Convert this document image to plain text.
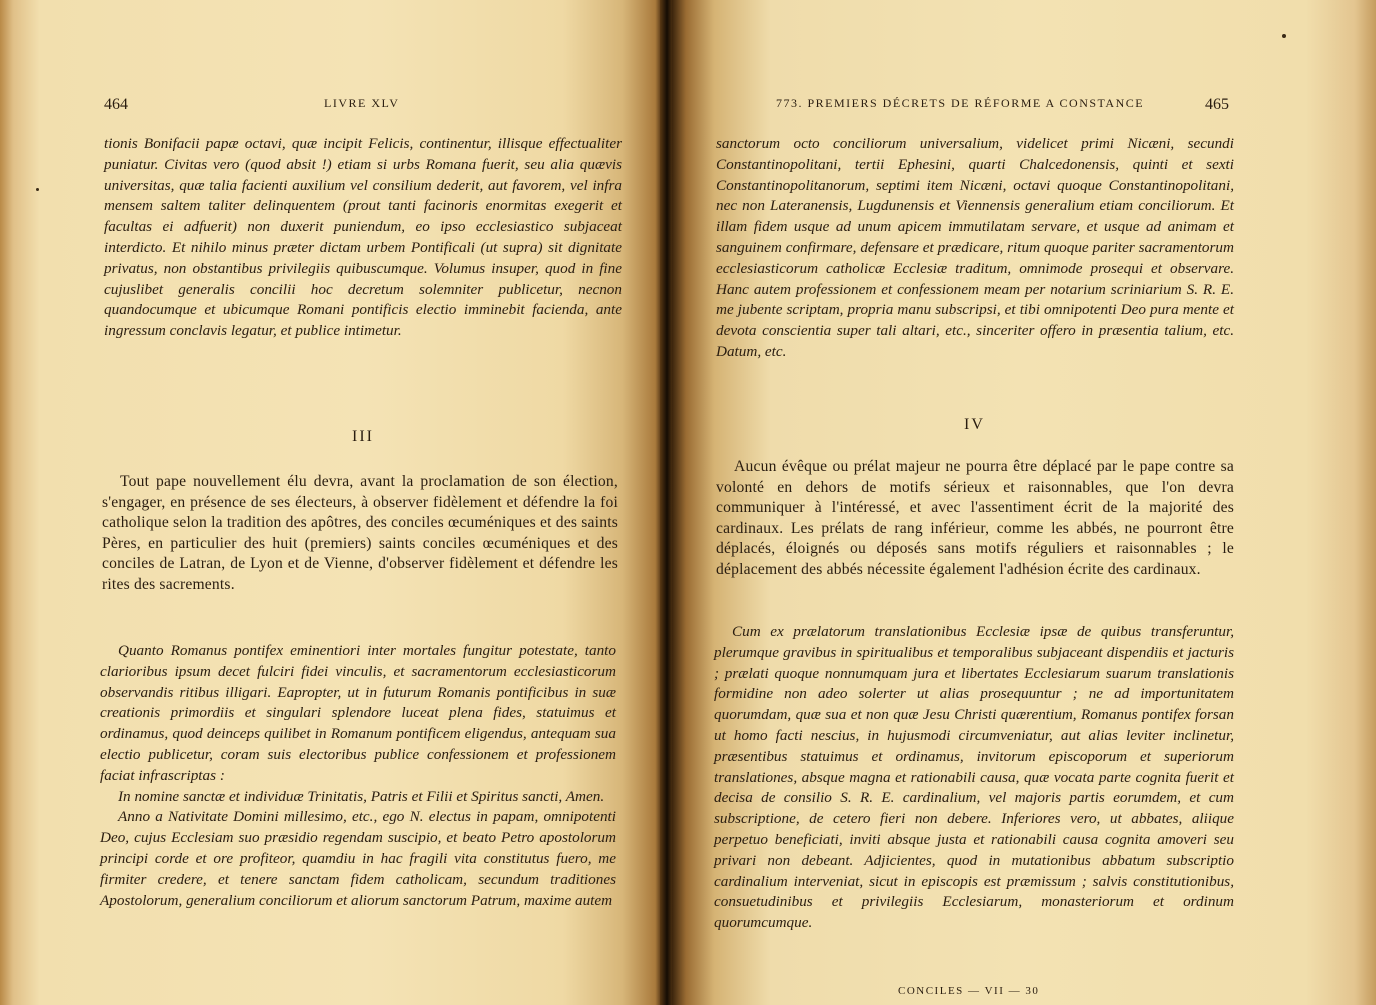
464	LIVRE XLV

tionis Bonifacii papæ octavi, quæ incipit Felicis, continentur, illisque effectualiter puniatur. Civitas vero (quod absit !) etiam si urbs Romana fuerit, seu alia quævis universitas, quæ talia facienti auxilium vel consilium dederit, aut favorem, vel infra mensem saltem taliter delinquentem (prout tanti facinoris enormitas exegerit et facultas ei adfuerit) non duxerit puniendum, eo ipso ecclesiastico subjaceat interdicto. Et nihilo minus præter dictam urbem Pontificali (ut supra) sit dignitate privatus, non obstantibus privilegiis quibuscumque. Volumus insuper, quod in fine cujuslibet generalis concilii hoc decretum solemniter publicetur, necnon quandocumque et ubicumque Romani pontificis electio imminebit facienda, ante ingressum conclavis legatur, et publice intimetur.

III

Tout pape nouvellement élu devra, avant la proclamation de son élection, s'engager, en présence de ses électeurs, à observer fidèlement et défendre la foi catholique selon la tradition des apôtres, des conciles œcuméniques et des saints Pères, en particulier des huit (premiers) saints conciles œcuméniques et des conciles de Latran, de Lyon et de Vienne, d'observer fidèlement et défendre les rites des sacrements.

Quanto Romanus pontifex eminentiori inter mortales fungitur potestate, tanto clarioribus ipsum decet fulciri fidei vinculis, et sacramentorum ecclesiasticorum observandis ritibus illigari. Eapropter, ut in futurum Romanis pontificibus in suæ creationis primordiis et singulari splendore luceat plena fides, statuimus et ordinamus, quod deinceps quilibet in Romanum pontificem eligendus, antequam sua electio publicetur, coram suis electoribus publice confessionem et professionem faciat infrascriptas :

In nomine sanctæ et individuæ Trinitatis, Patris et Filii et Spiritus sancti, Amen.

Anno a Nativitate Domini millesimo, etc., ego N. electus in papam, omnipotenti Deo, cujus Ecclesiam suo præsidio regendam suscipio, et beato Petro apostolorum principi corde et ore profiteor, quamdiu in hac fragili vita constitutus fuero, me firmiter credere, et tenere sanctam fidem catholicam, secundum traditiones Apostolorum, generalium conciliorum et aliorum sanctorum Patrum, maxime autem

773. PREMIERS DÉCRETS DE RÉFORME A CONSTANCE	465

sanctorum octo conciliorum universalium, videlicet primi Nicæni, secundi Constantinopolitani, tertii Ephesini, quarti Chalcedonensis, quinti et sexti Constantinopolitanorum, septimi item Nicæni, octavi quoque Constantinopolitani, nec non Lateranensis, Lugdunensis et Viennensis generalium etiam conciliorum. Et illam fidem usque ad unum apicem immutilatam servare, et usque ad animam et sanguinem confirmare, defensare et prædicare, ritum quoque pariter sacramentorum ecclesiasticorum catholicæ Ecclesiæ traditum, omnimode prosequi et observare. Hanc autem professionem et confessionem meam per notarium scriniarium S. R. E. me jubente scriptam, propria manu subscripsi, et tibi omnipotenti Deo pura mente et devota conscientia super tali altari, etc., sinceriter offero in præsentia talium, etc. Datum, etc.

IV

Aucun évêque ou prélat majeur ne pourra être déplacé par le pape contre sa volonté en dehors de motifs sérieux et raisonnables, que l'on devra communiquer à l'intéressé, et avec l'assentiment écrit de la majorité des cardinaux. Les prélats de rang inférieur, comme les abbés, ne pourront être déplacés, éloignés ou déposés sans motifs réguliers et raisonnables ; le déplacement des abbés nécessite également l'adhésion écrite des cardinaux.

Cum ex prælatorum translationibus Ecclesiæ ipsæ de quibus transferuntur, plerumque gravibus in spiritualibus et temporalibus subjaceant dispendiis et jacturis ; prælati quoque nonnumquam jura et libertates Ecclesiarum suarum translationis formidine non adeo solerter ut alias prosequuntur ; ne ad importunitatem quorumdam, quæ sua et non quæ Jesu Christi quærentium, Romanus pontifex forsan ut homo facti nescius, in hujusmodi circumveniatur, aut alias leviter inclinetur, præsentibus statuimus et ordinamus, invitorum episcoporum et superiorum translationes, absque magna et rationabili causa, quæ vocata parte cognita fuerit et decisa de consilio S. R. E. cardinalium, vel majoris partis eorumdem, et cum subscriptione, de cetero fieri non debere. Inferiores vero, ut abbates, aliique perpetuo beneficiati, inviti absque justa et rationabili causa cognita amoveri seu privari non debeant. Adjicientes, quod in mutationibus abbatum subscriptio cardinalium interveniat, sicut in episcopis est præmissum ; salvis constitutionibus, consuetudinibus et privilegiis Ecclesiarum, monasteriorum et ordinum quorumcumque.

CONCILES — VII — 30
